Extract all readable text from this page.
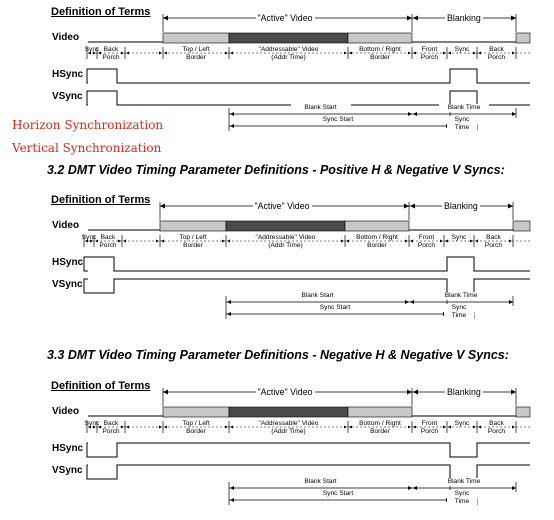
Horizon Synchronization
Vertical Synchronization
3.2 DMT Video Timing Parameter Definitions - Positive H & Negative V Syncs:
3.3 DMT Video Timing Parameter Definitions - Negative H & Negative V Syncs:
Definition of Terms
Video
HSync
VSync
"Active" Video	Blanking
Sync Back
Porch
Top / Left
Border
"Addressable" Video
(Addr Time)
Bottom / Right
Border
Front
Porch
Sync	Back
Porch
Blank Start	Blank Time
Sync Start	Sync
Time
Definition of Terms
Video
HSync
VSync
"Active" Video	Blanking
Sync Back
Porch
Top / Left
Border
"Addressable" Video
(Addr Time)
Bottom / Right
Border
Front
Porch
Sync	Back
Porch
Blank Start	Blank Time
Sync Start	Sync
Time
Definition of Terms
Video
HSync
VSync
"Active" Video	Blanking
Sync Back
Porch
Top / Left
Border
"Addressable" Video
(Addr Time)
Bottom / Right
Border
Front
Porch
Sync	Back
Porch
Blank Start	Blank Time
Sync Start	Sync
Time
